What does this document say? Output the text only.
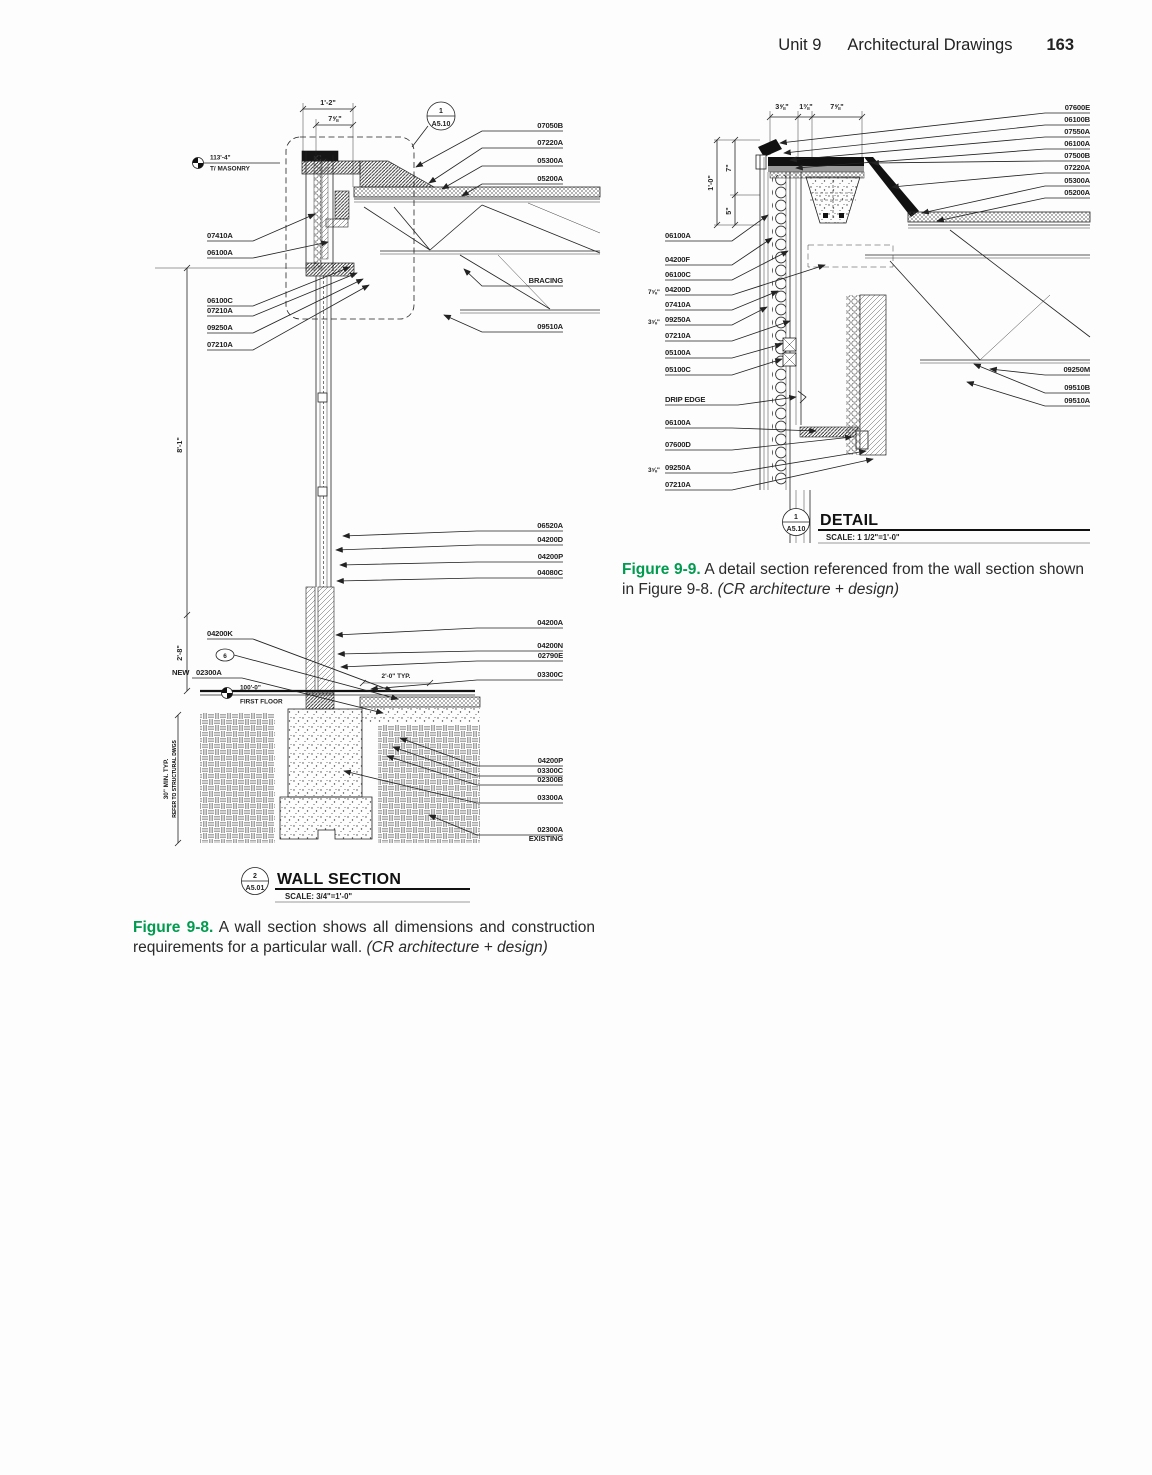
Unit 9 Architectural Drawings 163
1
A5.10
113'-4"
T/ MASONRY
100'-0"
FIRST FLOOR
1'-2"
7⅝"
8'-1"
2'-8"
2'-0" TYP.
30" MIN. TYP. REFER TO STRUCTURAL DWGS
07050B
07220A
05300A
05200A
BRACING
09510A
07410A
06100A
06100C
07210A
09250A
07210A
06520A
04200D
04200P
04080C
04200A
04200N
02790E
03300C
04200P
03300C
02300B
03300A
02300A
EXISTING
04200K
6
NEW 02300A
2
A5.01
WALL SECTION
SCALE: 3/4"=1'-0"
Figure 9-8. A wall section shows all dimensions and construction requirements for a particular wall. (CR architecture + design)
3⅝" 1⅜" 7⅝"
1'-0"
7"
5"
07600E
06100B
07550A
06100A
07500B
07220A
05300A
05200A
06100A
04200F
06100C
7⅝" 04200D
07410A
3⅝" 09250A
07210A
05100A
05100C
DRIP EDGE
06100A
07600D
3⅝" 09250A
07210A
09250M
09510B
09510A
1
A5.10
DETAIL
SCALE: 1 1/2"=1'-0"
Figure 9-9. A detail section referenced from the wall section shown in Figure 9-8. (CR architecture + design)
